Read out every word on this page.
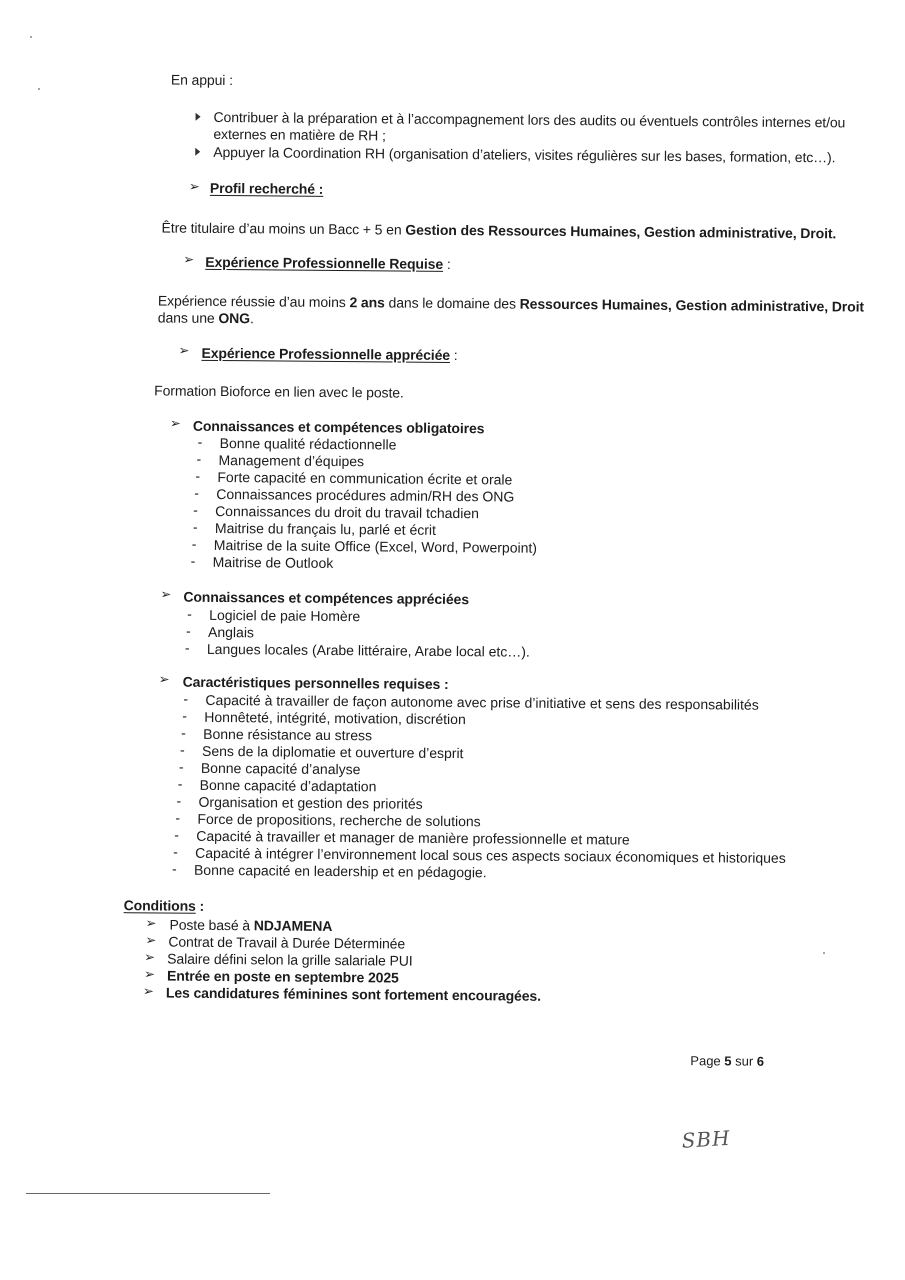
En appui :
Contribuer à la préparation et à l’accompagnement lors des audits ou éventuels contrôles internes et/ou
externes en matière de RH ;
Appuyer la Coordination RH (organisation d’ateliers, visites régulières sur les bases, formation, etc…).
➢ Profil recherché :
Être titulaire d’au moins un Bacc + 5 en Gestion des Ressources Humaines, Gestion administrative, Droit.
➢ Expérience Professionnelle Requise :
Expérience réussie d’au moins 2 ans dans le domaine des Ressources Humaines, Gestion administrative, Droit
dans une ONG.
➢ Expérience Professionnelle appréciée :
Formation Bioforce en lien avec le poste.
➢ Connaissances et compétences obligatoires
- Bonne qualité rédactionnelle
- Management d’équipes
- Forte capacité en communication écrite et orale
- Connaissances procédures admin/RH des ONG
- Connaissances du droit du travail tchadien
- Maitrise du français lu, parlé et écrit
- Maitrise de la suite Office (Excel, Word, Powerpoint)
- Maitrise de Outlook
➢ Connaissances et compétences appréciées
- Logiciel de paie Homère
- Anglais
- Langues locales (Arabe littéraire, Arabe local etc…).
➢ Caractéristiques personnelles requises :
- Capacité à travailler de façon autonome avec prise d’initiative et sens des responsabilités
- Honnêteté, intégrité, motivation, discrétion
- Bonne résistance au stress
- Sens de la diplomatie et ouverture d’esprit
- Bonne capacité d’analyse
- Bonne capacité d’adaptation
- Organisation et gestion des priorités
- Force de propositions, recherche de solutions
- Capacité à travailler et manager de manière professionnelle et mature
- Capacité à intégrer l’environnement local sous ces aspects sociaux économiques et historiques
- Bonne capacité en leadership et en pédagogie.
Conditions :
➢ Poste basé à NDJAMENA
➢ Contrat de Travail à Durée Déterminée
➢ Salaire défini selon la grille salariale PUI
➢ Entrée en poste en septembre 2025
➢ Les candidatures féminines sont fortement encouragées.
Page 5 sur 6
SBH
